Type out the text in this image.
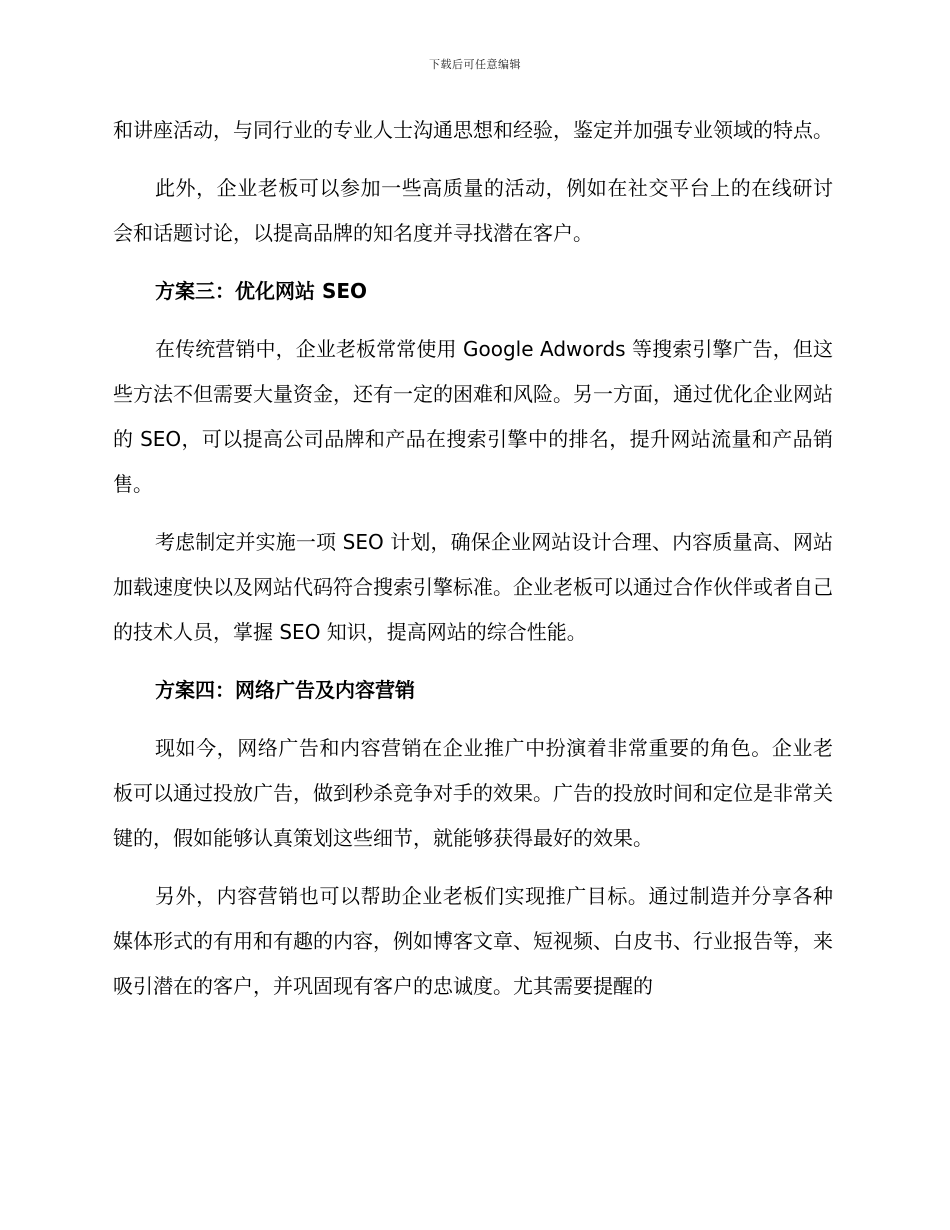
下载后可任意编辑

和讲座活动，与同行业的专业人士沟通思想和经验，鉴定并加强专业领域的特点。

此外，企业老板可以参加一些高质量的活动，例如在社交平台上的在线研讨会和话题讨论，以提高品牌的知名度并寻找潜在客户。

方案三：优化网站 SEO

在传统营销中，企业老板常常使用 Google Adwords 等搜索引擎广告，但这些方法不但需要大量资金，还有一定的困难和风险。另一方面，通过优化企业网站的 SEO，可以提高公司品牌和产品在搜索引擎中的排名，提升网站流量和产品销售。

考虑制定并实施一项 SEO 计划，确保企业网站设计合理、内容质量高、网站加载速度快以及网站代码符合搜索引擎标准。企业老板可以通过合作伙伴或者自己的技术人员，掌握 SEO 知识，提高网站的综合性能。

方案四：网络广告及内容营销

现如今，网络广告和内容营销在企业推广中扮演着非常重要的角色。企业老板可以通过投放广告，做到秒杀竞争对手的效果。广告的投放时间和定位是非常关键的，假如能够认真策划这些细节，就能够获得最好的效果。

另外，内容营销也可以帮助企业老板们实现推广目标。通过制造并分享各种媒体形式的有用和有趣的内容，例如博客文章、短视频、白皮书、行业报告等，来吸引潜在的客户，并巩固现有客户的忠诚度。尤其需要提醒的
